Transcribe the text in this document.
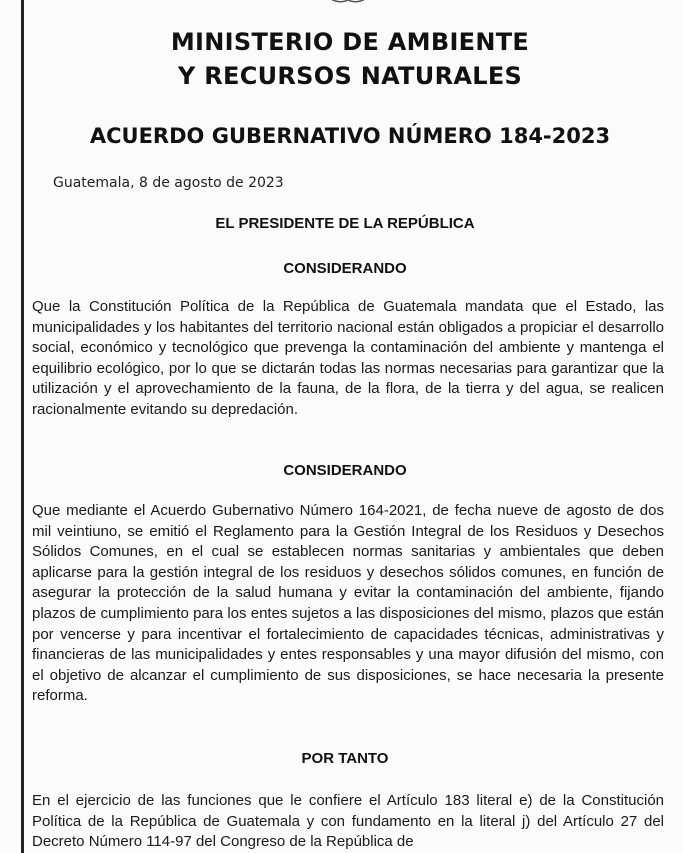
MINISTERIO DE AMBIENTE
Y RECURSOS NATURALES
ACUERDO GUBERNATIVO NÚMERO 184-2023
Guatemala, 8 de agosto de 2023
EL PRESIDENTE DE LA REPÚBLICA
CONSIDERANDO
Que la Constitución Política de la República de Guatemala mandata que el Estado, las municipalidades y los habitantes del territorio nacional están obligados a propiciar el desarrollo social, económico y tecnológico que prevenga la contaminación del ambiente y mantenga el equilibrio ecológico, por lo que se dictarán todas las normas necesarias para garantizar que la utilización y el aprovechamiento de la fauna, de la flora, de la tierra y del agua, se realicen racionalmente evitando su depredación.
CONSIDERANDO
Que mediante el Acuerdo Gubernativo Número 164-2021, de fecha nueve de agosto de dos mil veintiuno, se emitió el Reglamento para la Gestión Integral de los Residuos y Desechos Sólidos Comunes, en el cual se establecen normas sanitarias y ambientales que deben aplicarse para la gestión integral de los residuos y desechos sólidos comunes, en función de asegurar la protección de la salud humana y evitar la contaminación del ambiente, fijando plazos de cumplimiento para los entes sujetos a las disposiciones del mismo, plazos que están por vencerse y para incentivar el fortalecimiento de capacidades técnicas, administrativas y financieras de las municipalidades y entes responsables y una mayor difusión del mismo, con el objetivo de alcanzar el cumplimiento de sus disposiciones, se hace necesaria la presente reforma.
POR TANTO
En el ejercicio de las funciones que le confiere el Artículo 183 literal e) de la Constitución Política de la República de Guatemala y con fundamento en la literal j) del Artículo 27 del Decreto Número 114-97 del Congreso de la República de
